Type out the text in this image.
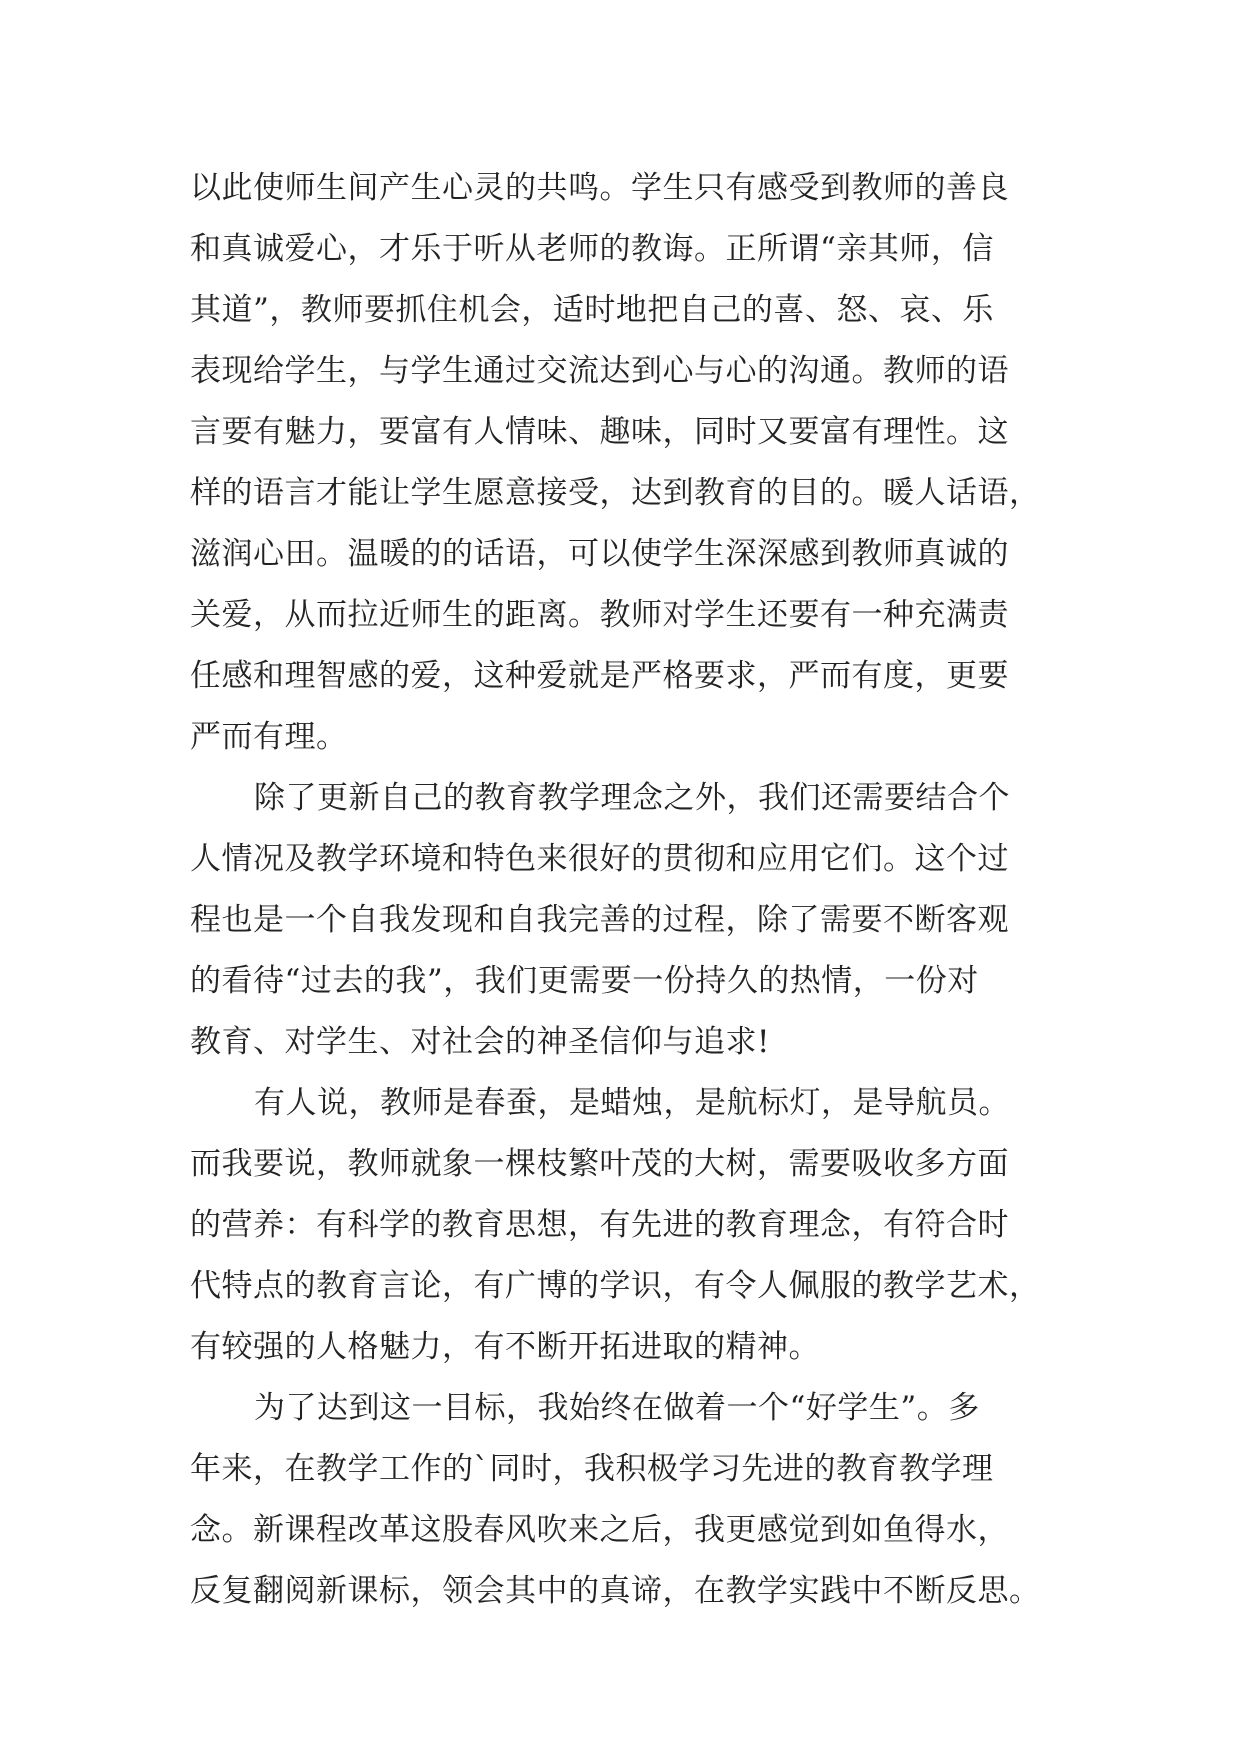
以此使师生间产生心灵的共鸣。学生只有感受到教师的善良
和真诚爱心，才乐于听从老师的教诲。正所谓“亲其师，信
其道”，教师要抓住机会，适时地把自己的喜、怒、哀、乐
表现给学生，与学生通过交流达到心与心的沟通。教师的语
言要有魅力，要富有人情味、趣味，同时又要富有理性。这
样的语言才能让学生愿意接受，达到教育的目的。暖人话语，
滋润心田。温暖的的话语，可以使学生深深感到教师真诚的
关爱，从而拉近师生的距离。教师对学生还要有一种充满责
任感和理智感的爱，这种爱就是严格要求，严而有度，更要
严而有理。
除了更新自己的教育教学理念之外，我们还需要结合个
人情况及教学环境和特色来很好的贯彻和应用它们。这个过
程也是一个自我发现和自我完善的过程，除了需要不断客观
的看待“过去的我”，我们更需要一份持久的热情，一份对
教育、对学生、对社会的神圣信仰与追求!
有人说，教师是春蚕，是蜡烛，是航标灯，是导航员。
而我要说，教师就象一棵枝繁叶茂的大树，需要吸收多方面
的营养：有科学的教育思想，有先进的教育理念，有符合时
代特点的教育言论，有广博的学识，有令人佩服的教学艺术，
有较强的人格魅力，有不断开拓进取的精神。
为了达到这一目标，我始终在做着一个“好学生”。多
年来，在教学工作的`同时，我积极学习先进的教育教学理
念。新课程改革这股春风吹来之后，我更感觉到如鱼得水，
反复翻阅新课标，领会其中的真谛，在教学实践中不断反思。
